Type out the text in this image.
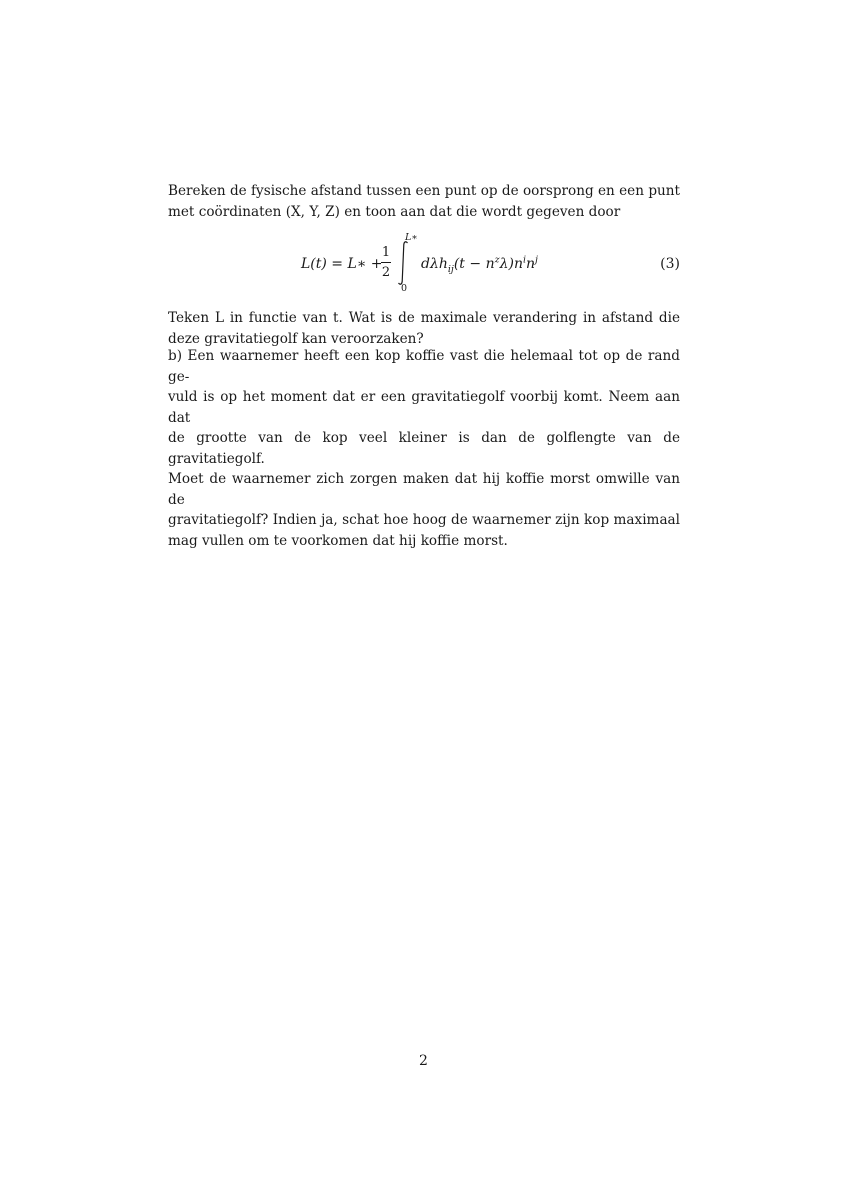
Bereken de fysische afstand tussen een punt op de oorsprong en een punt
met coördinaten (X, Y, Z) en toon aan dat die wordt gegeven door
L(t) = L∗ +
1
2
$d\lambda h_{ij}(t - n^z\lambda)n^in^j$
L∗
0
(3)
Teken L in functie van t. Wat is de maximale verandering in afstand die
deze gravitatiegolf kan veroorzaken?
b) Een waarnemer heeft een kop koffie vast die helemaal tot op de rand ge-
vuld is op het moment dat er een gravitatiegolf voorbij komt. Neem aan dat
de grootte van de kop veel kleiner is dan de golflengte van de gravitatiegolf.
Moet de waarnemer zich zorgen maken dat hij koffie morst omwille van de
gravitatiegolf? Indien ja, schat hoe hoog de waarnemer zijn kop maximaal
mag vullen om te voorkomen dat hij koffie morst.
2
